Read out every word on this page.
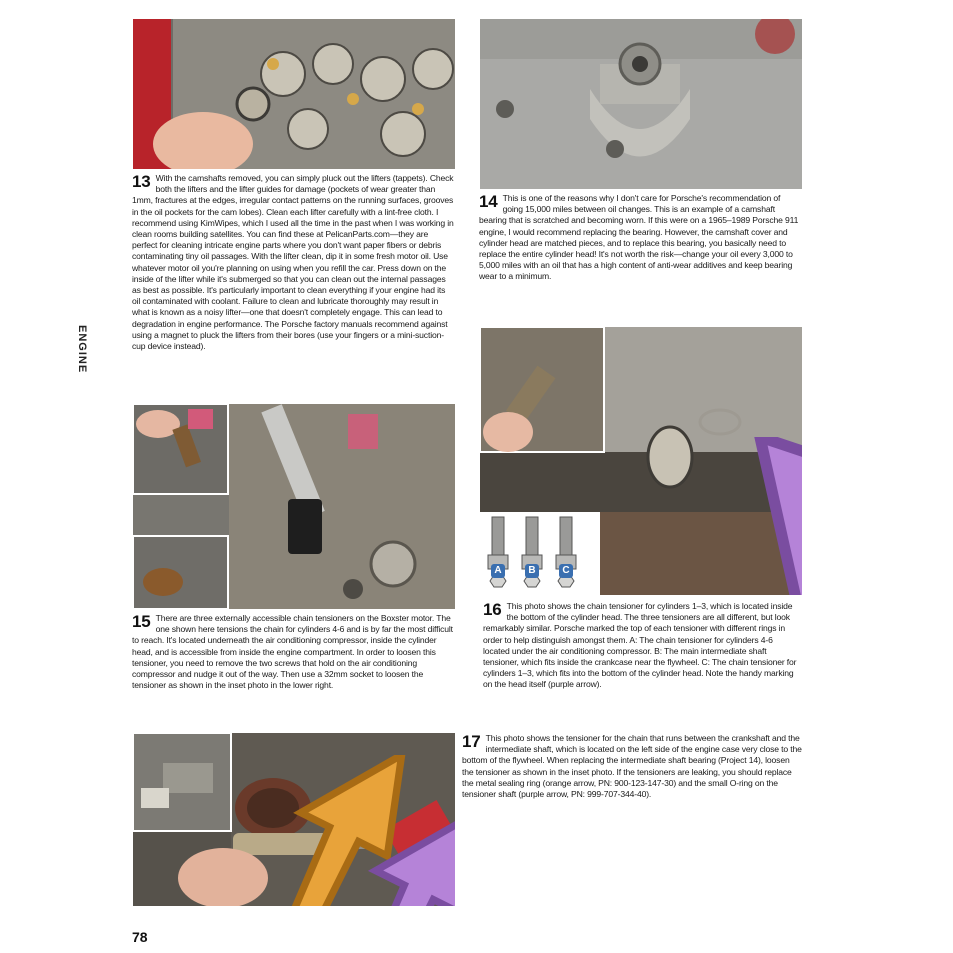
ENGINE

13 With the camshafts removed, you can simply pluck out the lifters (tappets). Check both the lifters and the lifter guides for damage (pockets of wear greater than 1mm, fractures at the edges, irregular contact patterns on the running surfaces, grooves in the oil pockets for the cam lobes). Clean each lifter carefully with a lint-free cloth. I recommend using KimWipes, which I used all the time in the past when I was working in clean rooms building satellites. You can find these at PelicanParts.com—they are perfect for cleaning intricate engine parts where you don't want paper fibers or debris contaminating tiny oil passages. With the lifter clean, dip it in some fresh motor oil. Use whatever motor oil you're planning on using when you refill the car. Press down on the inside of the lifter while it's submerged so that you can clean out the internal passages as best as possible. It's particularly important to clean everything if your engine had its oil contaminated with coolant. Failure to clean and lubricate thoroughly may result in what is known as a noisy lifter—one that doesn't completely engage. This can lead to degradation in engine performance. The Porsche factory manuals recommend against using a magnet to pluck the lifters from their bores (use your fingers or a mini-suction-cup device instead).

14 This is one of the reasons why I don't care for Porsche's recommendation of going 15,000 miles between oil changes. This is an example of a camshaft bearing that is scratched and becoming worn. If this were on a 1965–1989 Porsche 911 engine, I would recommend replacing the bearing. However, the camshaft cover and cylinder head are matched pieces, and to replace this bearing, you basically need to replace the entire cylinder head! It's not worth the risk—change your oil every 3,000 to 5,000 miles with an oil that has a high content of anti-wear additives and keep bearing wear to a minimum.

15 There are three externally accessible chain tensioners on the Boxster motor. The one shown here tensions the chain for cylinders 4-6 and is by far the most difficult to reach. It's located underneath the air conditioning compressor, inside the cylinder head, and is accessible from inside the engine compartment. In order to loosen this tensioner, you need to remove the two screws that hold on the air conditioning compressor and nudge it out of the way. Then use a 32mm socket to loosen the tensioner as shown in the inset photo in the lower right.

A	B	C

16 This photo shows the chain tensioner for cylinders 1–3, which is located inside the bottom of the cylinder head. The three tensioners are all different, but look remarkably similar. Porsche marked the top of each tensioner with different rings in order to help distinguish amongst them. A: The chain tensioner for cylinders 4-6 located under the air conditioning compressor. B: The main intermediate shaft tensioner, which fits inside the crankcase near the flywheel. C: The chain tensioner for cylinders 1–3, which fits into the bottom of the cylinder head. Note the handy marking on the head itself (purple arrow).

17 This photo shows the tensioner for the chain that runs between the crankshaft and the intermediate shaft, which is located on the left side of the engine case very close to the bottom of the flywheel. When replacing the intermediate shaft bearing (Project 14), loosen the tensioner as shown in the inset photo. If the tensioners are leaking, you should replace the metal sealing ring (orange arrow, PN: 900-123-147-30) and the small O-ring on the tensioner shaft (purple arrow, PN: 999-707-344-40).

78
